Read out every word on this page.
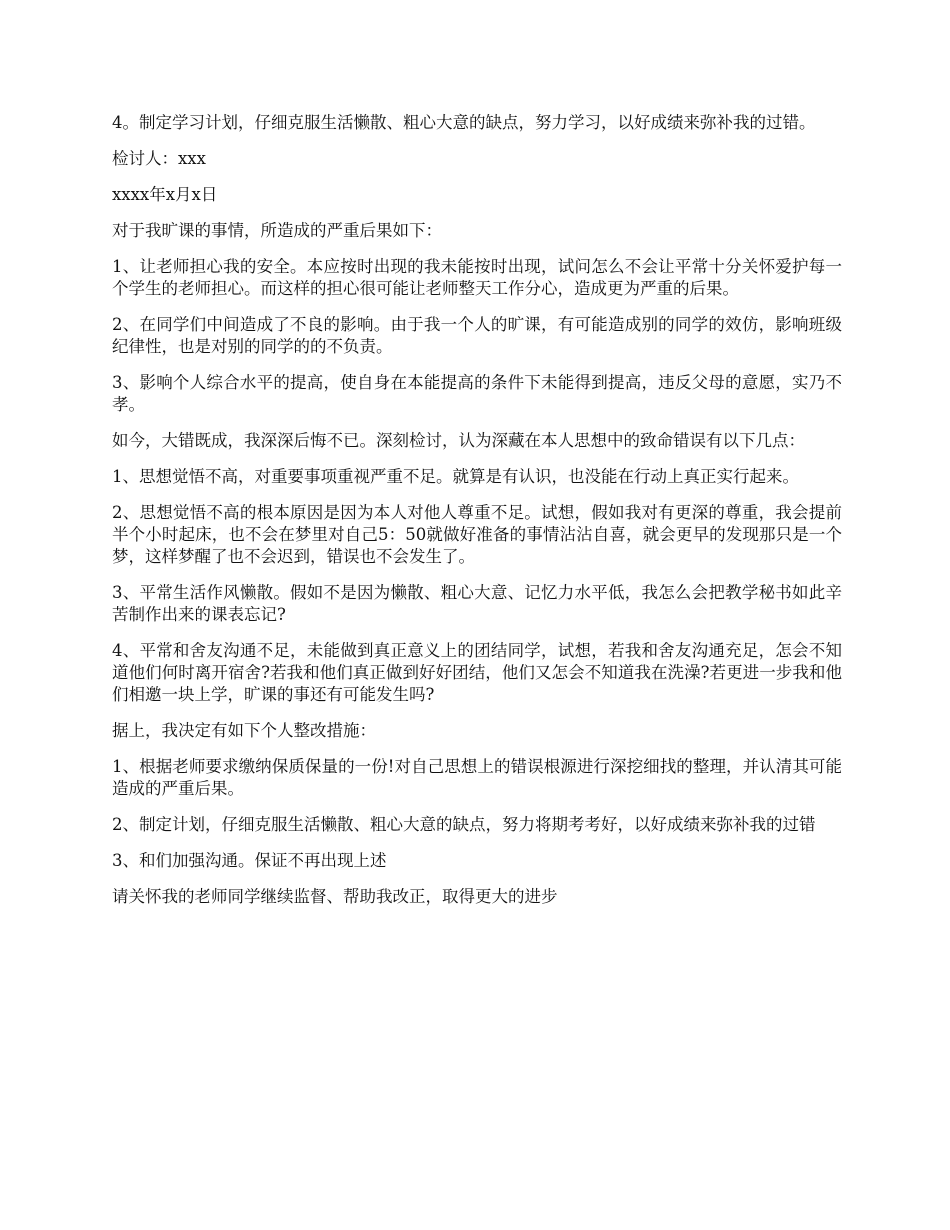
4。制定学习计划，仔细克服生活懒散、粗心大意的缺点，努力学习，以好成绩来弥补我的过错。

检讨人：xxx

xxxx年x月x日

对于我旷课的事情，所造成的严重后果如下：

1、让老师担心我的安全。本应按时出现的我未能按时出现，试问怎么不会让平常十分关怀爱护每一个学生的老师担心。而这样的担心很可能让老师整天工作分心，造成更为严重的后果。

2、在同学们中间造成了不良的影响。由于我一个人的旷课，有可能造成别的同学的效仿，影响班级纪律性，也是对别的同学的的不负责。

3、影响个人综合水平的提高，使自身在本能提高的条件下未能得到提高，违反父母的意愿，实乃不孝。

如今，大错既成，我深深后悔不已。深刻检讨，认为深藏在本人思想中的致命错误有以下几点：

1、思想觉悟不高，对重要事项重视严重不足。就算是有认识，也没能在行动上真正实行起来。

2、思想觉悟不高的根本原因是因为本人对他人尊重不足。试想，假如我对有更深的尊重，我会提前半个小时起床，也不会在梦里对自己5：50就做好准备的事情沾沾自喜，就会更早的发现那只是一个梦，这样梦醒了也不会迟到，错误也不会发生了。

3、平常生活作风懒散。假如不是因为懒散、粗心大意、记忆力水平低，我怎么会把教学秘书如此辛苦制作出来的课表忘记?

4、平常和舍友沟通不足，未能做到真正意义上的团结同学，试想，若我和舍友沟通充足，怎会不知道他们何时离开宿舍?若我和他们真正做到好好团结，他们又怎会不知道我在洗澡?若更进一步我和他们相邀一块上学，旷课的事还有可能发生吗?

据上，我决定有如下个人整改措施：

1、根据老师要求缴纳保质保量的一份!对自己思想上的错误根源进行深挖细找的整理，并认清其可能造成的严重后果。

2、制定计划，仔细克服生活懒散、粗心大意的缺点，努力将期考考好，以好成绩来弥补我的过错

3、和们加强沟通。保证不再出现上述

请关怀我的老师同学继续监督、帮助我改正，取得更大的进步
